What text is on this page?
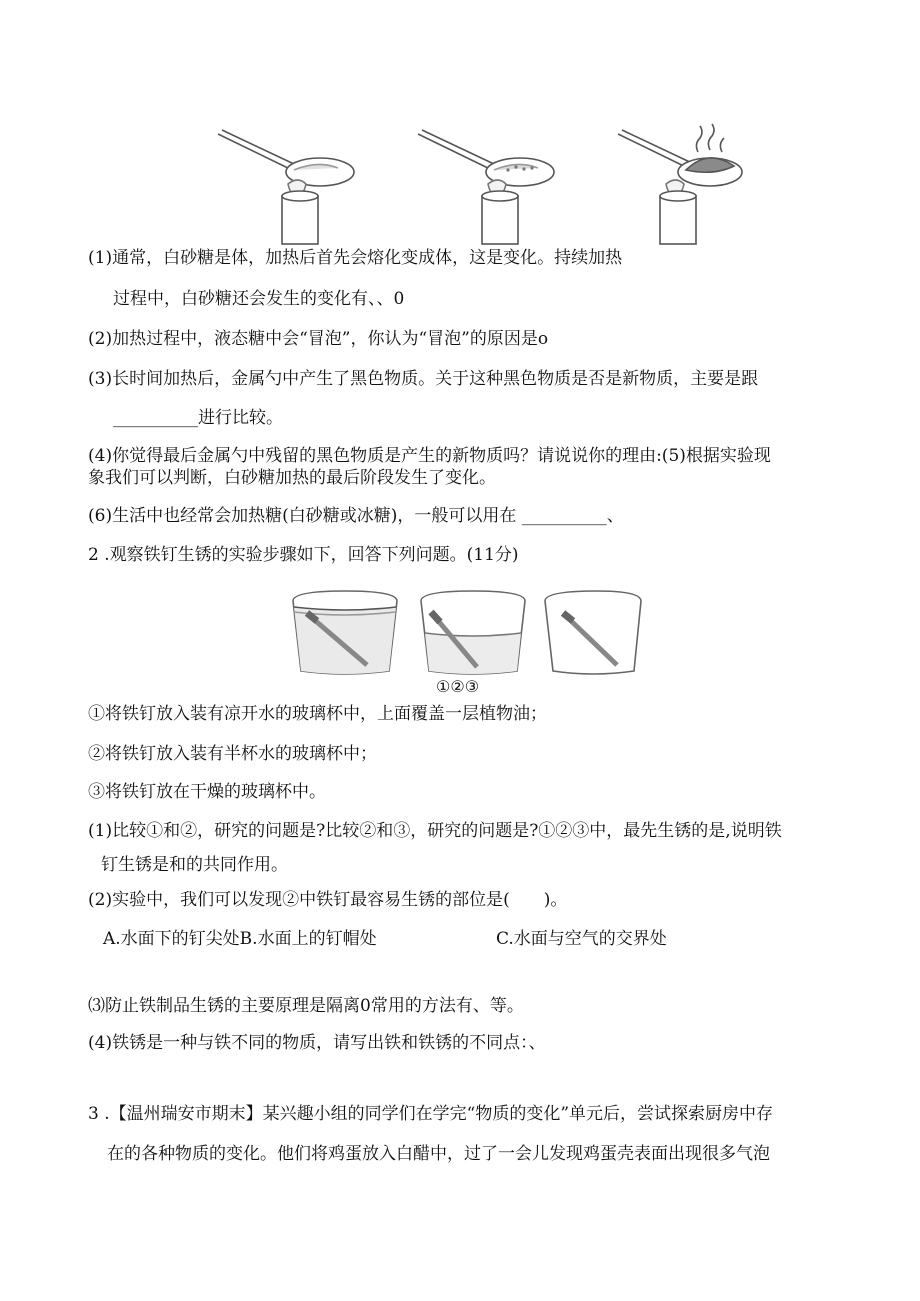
(1)通常，白砂糖是体，加热后首先会熔化变成体，这是变化。持续加热
过程中，白砂糖还会发生的变化有、、0
(2)加热过程中，液态糖中会“冒泡”，你认为“冒泡”的原因是o
(3)长时间加热后，金属勺中产生了黑色物质。关于这种黑色物质是否是新物质，主要是跟
__________进行比较。
(4)你觉得最后金属勺中残留的黑色物质是产生的新物质吗？请说说你的理由:(5)根据实验现
象我们可以判断，白砂糖加热的最后阶段发生了变化。
(6)生活中也经常会加热糖(白砂糖或冰糖)，一般可以用在 __________、
2 .观察铁钉生锈的实验步骤如下，回答下列问题。(11分)
①②③
①将铁钉放入装有凉开水的玻璃杯中，上面覆盖一层植物油；
②将铁钉放入装有半杯水的玻璃杯中；
③将铁钉放在干燥的玻璃杯中。
(1)比较①和②，研究的问题是?比较②和③，研究的问题是?①②③中，最先生锈的是,说明铁
钉生锈是和的共同作用。
(2)实验中，我们可以发现②中铁钉最容易生锈的部位是(　　)。
A.水面下的钉尖处B.水面上的钉帽处	C.水面与空气的交界处
⑶防止铁制品生锈的主要原理是隔离0常用的方法有、等。
(4)铁锈是一种与铁不同的物质，请写出铁和铁锈的不同点：、
3 .【温州瑞安市期末】某兴趣小组的同学们在学完“物质的变化”单元后，尝试探索厨房中存
在的各种物质的变化。他们将鸡蛋放入白醋中，过了一会儿发现鸡蛋壳表面出现很多气泡
